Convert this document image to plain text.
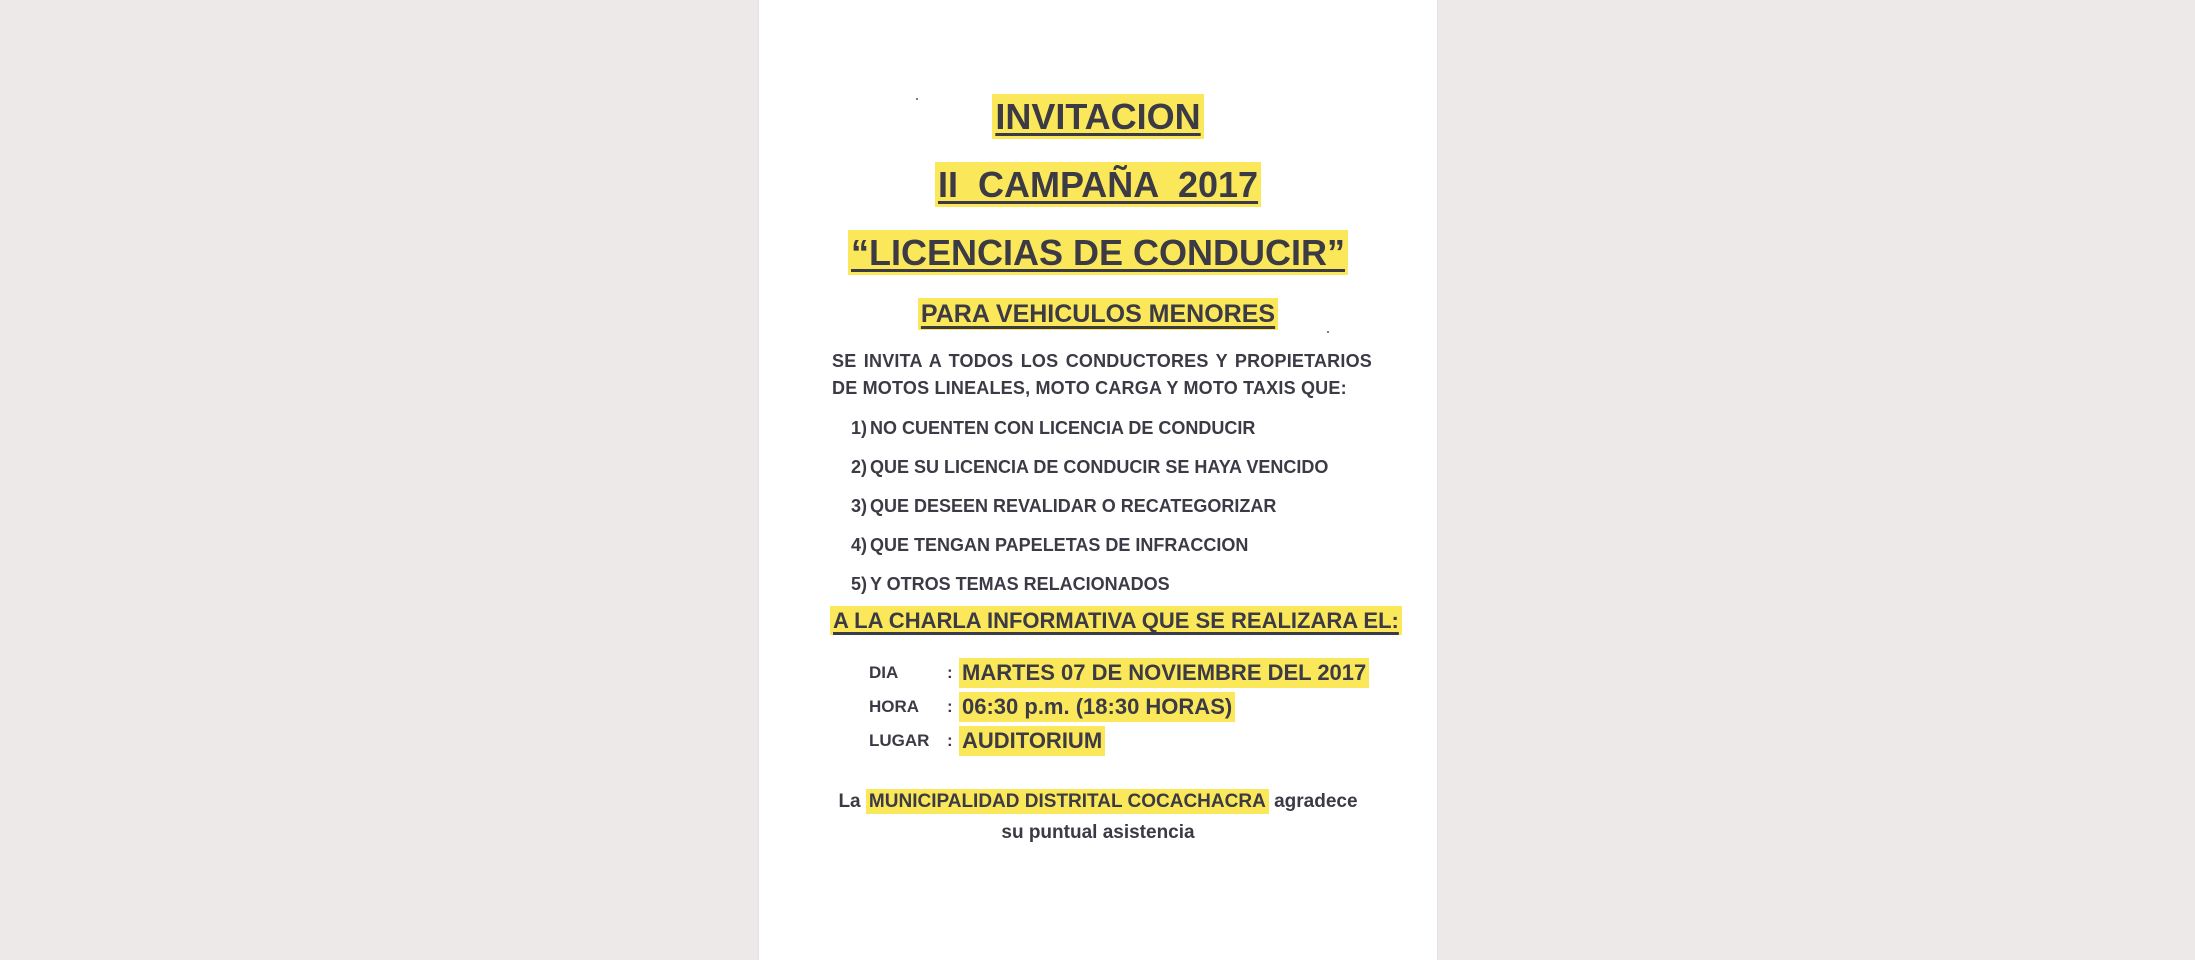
INVITACION
II  CAMPAÑA  2017
“LICENCIAS DE CONDUCIR”
PARA VEHICULOS MENORES
SE INVITA A TODOS LOS CONDUCTORES Y PROPIETARIOS DE MOTOS LINEALES, MOTO CARGA Y MOTO TAXIS QUE:
1) NO CUENTEN CON LICENCIA DE CONDUCIR
2) QUE SU LICENCIA DE CONDUCIR SE HAYA VENCIDO
3) QUE DESEEN REVALIDAR O RECATEGORIZAR
4) QUE TENGAN PAPELETAS DE INFRACCION
5) Y OTROS TEMAS RELACIONADOS
A LA CHARLA INFORMATIVA QUE SE REALIZARA EL:
DIA	: MARTES 07 DE NOVIEMBRE DEL 2017
HORA	: 06:30 p.m. (18:30 HORAS)
LUGAR	: AUDITORIUM
La MUNICIPALIDAD DISTRITAL COCACHACRA agradece
su puntual asistencia
